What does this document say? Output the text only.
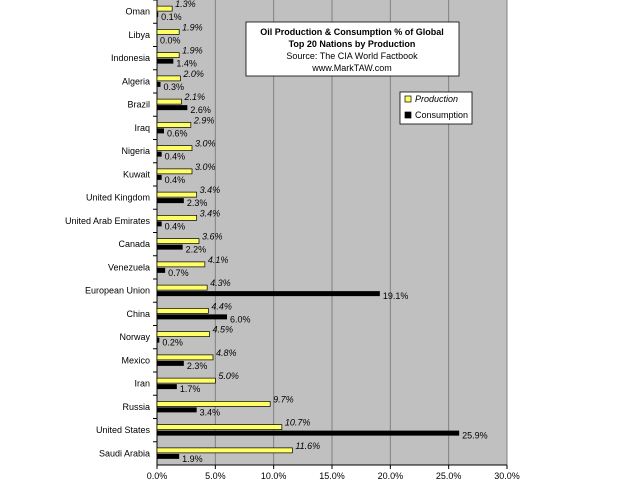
0.0%	5.0%	10.0%	15.0%	20.0%	25.0%	30.0%
Oman
1.3%
0.1%
Libya
1.9%
0.0%
Indonesia
1.9%
1.4%
Algeria
2.0%
0.3%
Brazil
2.1%
2.6%
Iraq
2.9%
0.6%
Nigeria
3.0%
0.4%
Kuwait
3.0%
0.4%
United Kingdom
3.4%
2.3%
United Arab Emirates
3.4%
0.4%
Canada
3.6%
2.2%
Venezuela
4.1%
0.7%
European Union
4.3%
19.1%
China
4.4%
6.0%
Norway
4.5%
0.2%
Mexico
4.8%
2.3%
Iran
5.0%
1.7%
Russia
9.7%
3.4%
United States
10.7%
25.9%
Saudi Arabia
11.6%
1.9%
Oil Production & Consumption % of Global
Top 20 Nations by Production
Source: The CIA World Factbook
www.MarkTAW.com
Production
Consumption
